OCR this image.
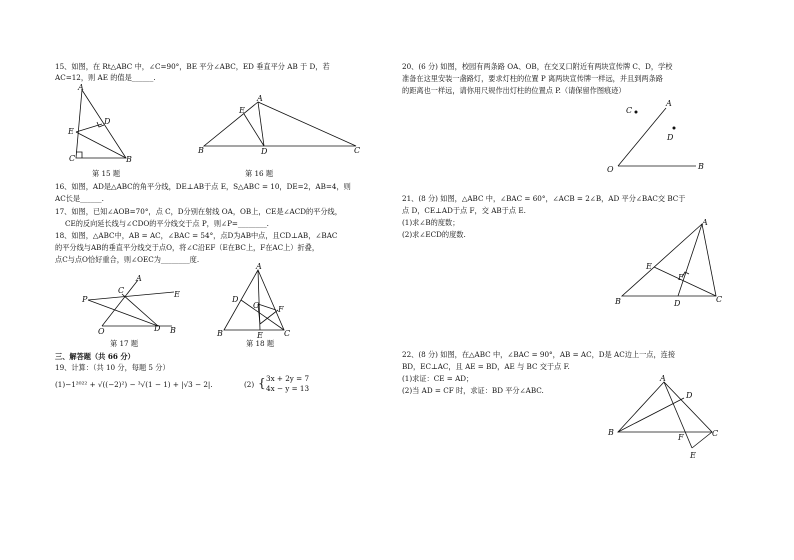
15、如图，在 Rt△ABC 中，∠C=90°，BE 平分∠ABC，ED 垂直平分 AB 于 D，若
AC=12，则 AE 的值是______.
A
D
E
C	B
第 15 题
A
E
B	D	C
第 16 题
16、如图，AD是△ABC的角平分线，DE⊥AB于点 E，S△ABC = 10，DE=2，AB=4，则
AC长是______.
17、如图，已知∠AOB=70°，点 C，D分别在射线 OA，OB上，CE是∠ACD的平分线，
CE的反向延长线与∠CDO的平分线交于点 P，则∠P=________.
18、如图，△ABC中，AB = AC，∠BAC = 54°，点D为AB中点，且CD⊥AB，∠BAC
的平分线与AB的垂直平分线交于点O，将∠C沿EF（E在BC上，F在AC上）折叠，
点C与点O恰好重合，则∠OEC为________度.
A
E
P
C
O	D B
第 17 题
A
D
O F
B	E	C
第 18 题
三、解答题（共 66 分）
19、计算：（共 10 分，每题 5 分）
(1)−1²⁰²² + √((−2)²) − ³√(1 − 1) + |√3 − 2|.	(2) { 3x + 2y = 7
4x − y = 13
20、(6 分) 如图，校园有两条路 OA、OB，在交叉口附近有两块宣传牌 C、D，学校
准备在这里安装一盏路灯，要求灯柱的位置 P 离两块宣传牌一样远，并且到两条路
的距离也一样远，请你用尺规作出灯柱的位置点 P.（请保留作图痕迹）
C
A
D
O	B
21、(8 分) 如图，△ABC 中，∠BAC = 60°，∠ACB = 2∠B，AD 平分∠BAC交 BC于
点 D，CE⊥AD于点 F，交 AB于点 E.
(1)求∠B的度数；
(2)求∠ECD的度数.
A
E
F
B	D	C
22、(8 分) 如图，在△ABC 中，∠BAC = 90°，AB = AC，D是 AC边上一点，连接
BD，EC⊥AC，且 AE = BD，AE 与 BC 交于点 F.
(1)求证：CE = AD；
(2)当 AD = CF 时，求证：BD 平分∠ABC.
A
D
B
F	C
E
